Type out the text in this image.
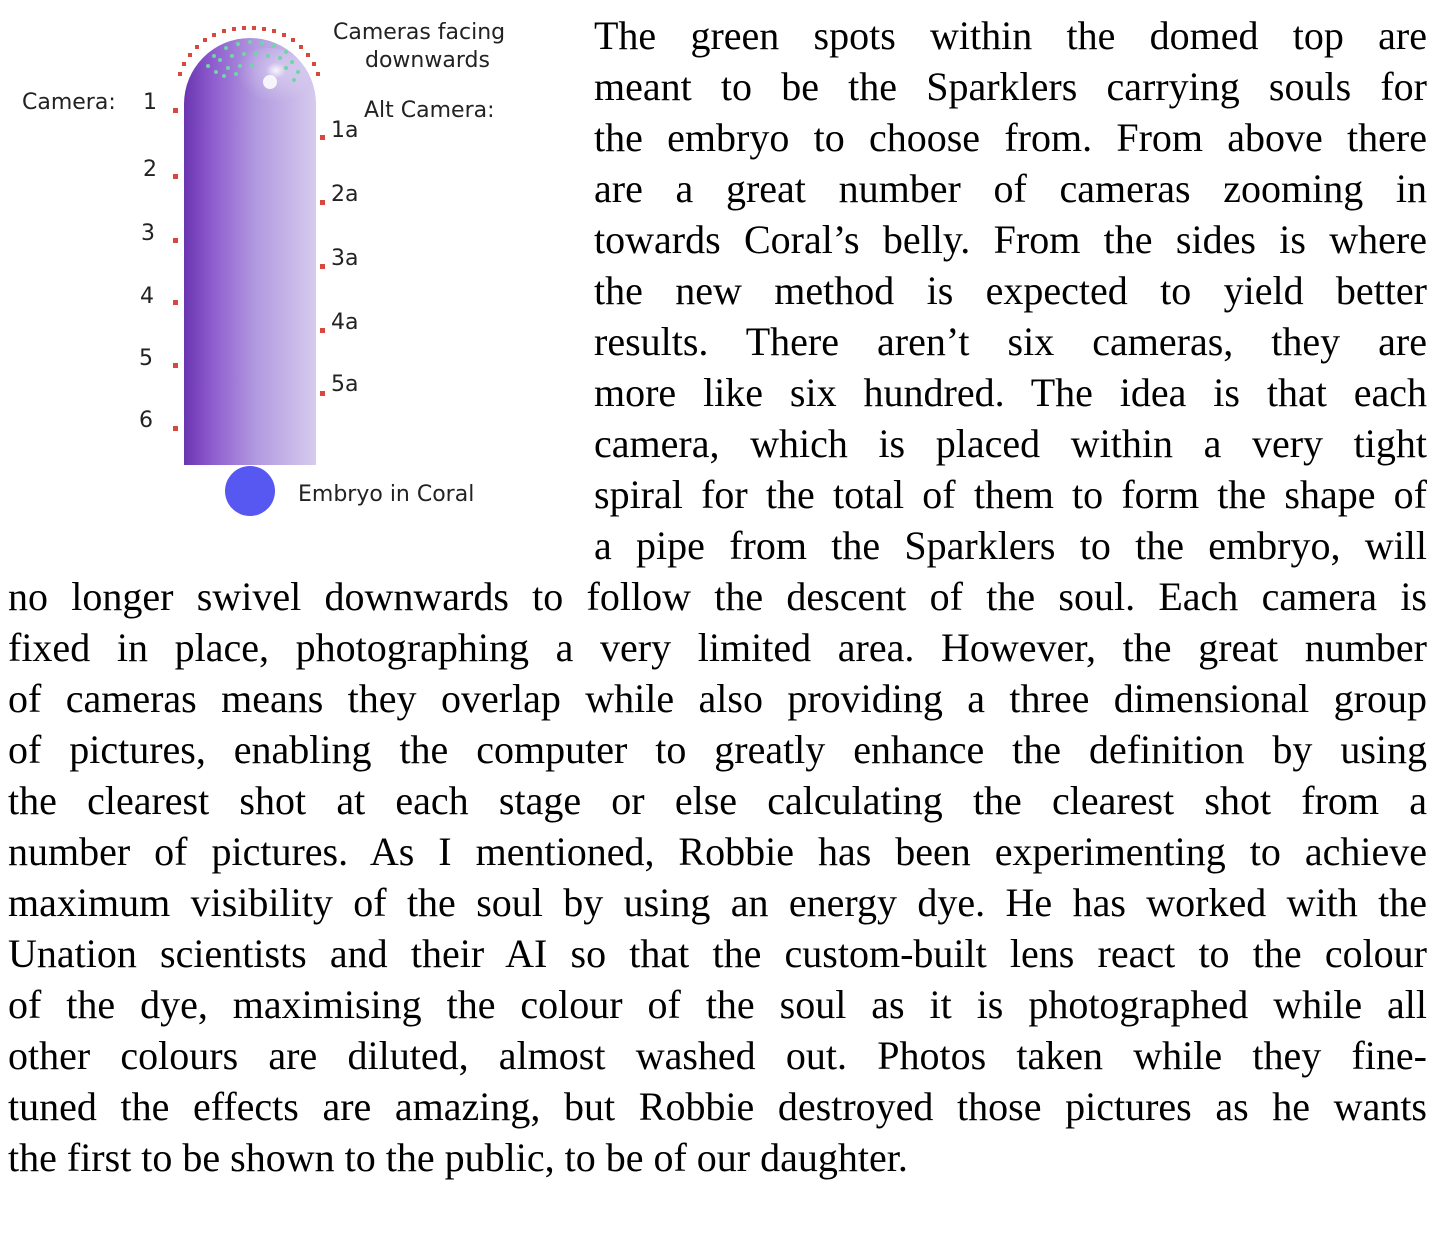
Cameras facing
downwards
Camera: 1
2
3
4
5
6
Alt Camera:
1a
2a
3a
4a
5a
Embryo in Coral
The green spots within the domed top are
meant to be the Sparklers carrying souls for
the embryo to choose from. From above there
are a great number of cameras zooming in
towards Coral’s belly. From the sides is where
the new method is expected to yield better
results. There aren’t six cameras, they are
more like six hundred. The idea is that each
camera, which is placed within a very tight
spiral for the total of them to form the shape of
a pipe from the Sparklers to the embryo, will
no longer swivel downwards to follow the descent of the soul. Each camera is
fixed in place, photographing a very limited area. However, the great number
of cameras means they overlap while also providing a three dimensional group
of pictures, enabling the computer to greatly enhance the definition by using
the clearest shot at each stage or else calculating the clearest shot from a
number of pictures. As I mentioned, Robbie has been experimenting to achieve
maximum visibility of the soul by using an energy dye. He has worked with the
Unation scientists and their AI so that the custom-built lens react to the colour
of the dye, maximising the colour of the soul as it is photographed while all
other colours are diluted, almost washed out. Photos taken while they fine-
tuned the effects are amazing, but Robbie destroyed those pictures as he wants
the first to be shown to the public, to be of our daughter.
